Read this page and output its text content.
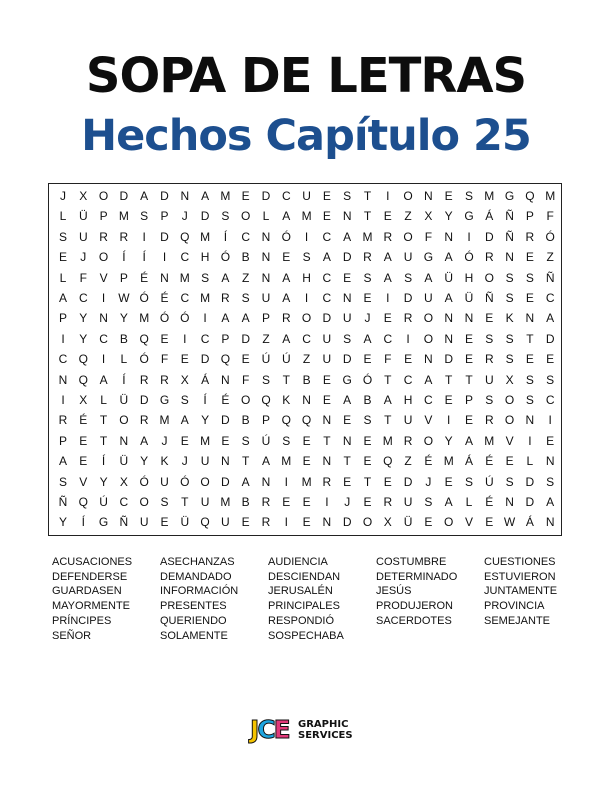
SOPA DE LETRAS
Hechos Capítulo 25
J	X O D A D N A M E D C U E	S	T	I	O N E	S M G Q M
L	Ü P M S	P	J	D S O	L	A M E N	T	E	Z	X	Y G Á Ñ P	F
S U R R	I	D Q M	Í	C N Ó	I	C A M R O F	N	I	D Ñ R Ó
E	J	O	Í	Í	I	C H Ó B N E	S	A D R A U G A Ó R N E	Z
L	F	V	P	É N M S	A	Z	N A H C E	S	A	S	A Ü H O S	S Ñ
A C	I	W Ó É C M R S U A	I	C N E	I	D U A Ü Ñ S	E C
P	Y N Y M Ó Ó	I	A	A	P R O D U	J	E R O N N E	K N A
I	Y C B Q E	I	C P D	Z	A C U S	A C	I	O N E	S	S	T	D
C Q	I	L	Ó F	E D Q E Ú Ú	Z	U D E	F	E N D E R S	E	E
N Q A	Í	R R X	Á N	F	S	T	B	E G Ó T	C A	T	T	U X	S	S
I	X	L	Ü D G S	Í	É O Q K N E	A	B	A H C E	P	S O S C
R É	T O R M A	Y D B	P Q Q N E	S	T	U V	I	E R O N	I
P	E	T	N A	J	E M E	S Ú S	E	T	N E M R O Y	A M V	I	E
A	E	Í	Ü Y	K	J	U N	T	A M E N	T	E Q Z	É M Á	É	E	L	N
S	V	Y	X Ó U Ó O D A N	I	M R E	T	E D	J	E	S Ú S D S
Ñ Q Ú C O S	T	U M B R E	E	I	J	E R U S	A	L	É N D A
Y	Í	G Ñ U E Ü Q U E R	I	E N D O X Ü E O V	E W Á N
ACUSACIONES
DEFENDERSE
GUARDASEN
MAYORMENTE
PRÍNCIPES
SEÑOR
ASECHANZAS
DEMANDADO
INFORMACIÓN
PRESENTES
QUERIENDO
SOLAMENTE
AUDIENCIA
DESCIENDAN
JERUSALÉN
PRINCIPALES
RESPONDIÓ
SOSPECHABA
COSTUMBRE
DETERMINADO
JESÚS
PRODUJERON
SACERDOTES
CUESTIONES
ESTUVIERON
JUNTAMENTE
PROVINCIA
SEMEJANTE
JCE GRAPHIC
SERVICES
